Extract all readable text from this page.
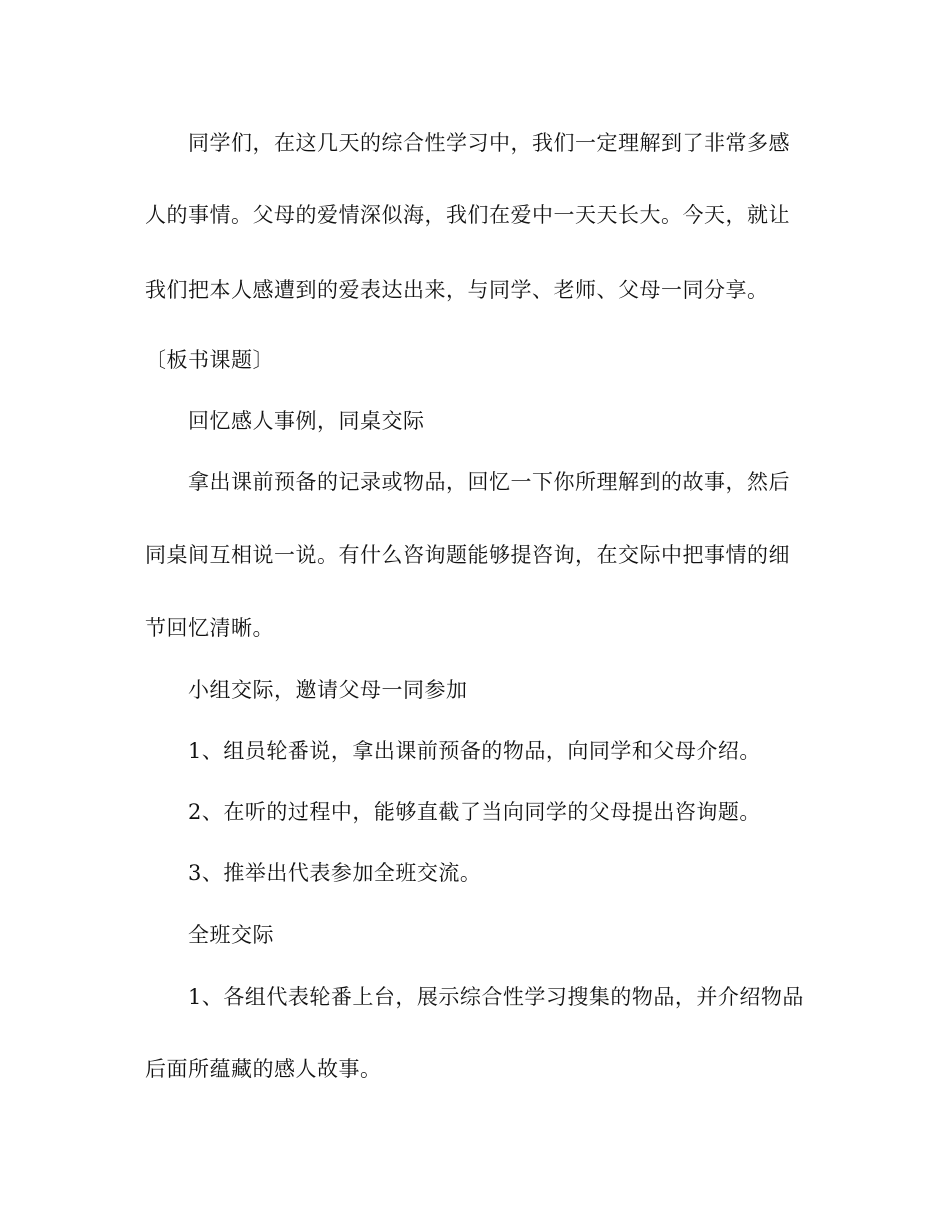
同学们，在这几天的综合性学习中，我们一定理解到了非常多感
人的事情。父母的爱情深似海，我们在爱中一天天长大。今天，就让
我们把本人感遭到的爱表达出来，与同学、老师、父母一同分享。
〔板书课题〕
回忆感人事例，同桌交际
拿出课前预备的记录或物品，回忆一下你所理解到的故事，然后
同桌间互相说一说。有什么咨询题能够提咨询，在交际中把事情的细
节回忆清晰。
小组交际，邀请父母一同参加
1、组员轮番说，拿出课前预备的物品，向同学和父母介绍。
2、在听的过程中，能够直截了当向同学的父母提出咨询题。
3、推举出代表参加全班交流。
全班交际
1、各组代表轮番上台，展示综合性学习搜集的物品，并介绍物品
后面所蕴藏的感人故事。
